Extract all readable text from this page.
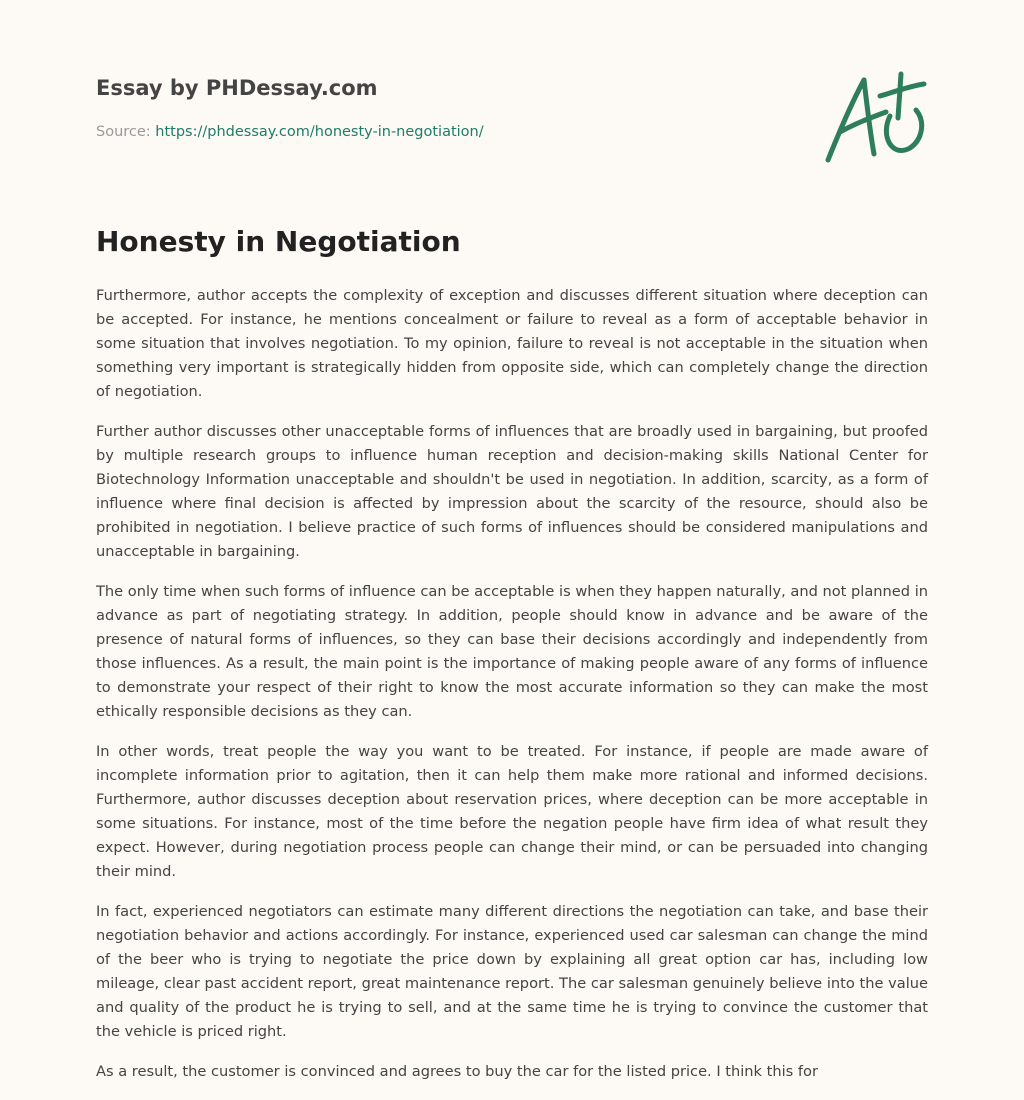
Essay by PHDessay.com
Source: https://phdessay.com/honesty-in-negotiation/
Honesty in Negotiation

Furthermore, author accepts the complexity of exception and discusses different situation where deception can be accepted. For instance, he mentions concealment or failure to reveal as a form of acceptable behavior in some situation that involves negotiation. To my opinion, failure to reveal is not acceptable in the situation when something very important is strategically hidden from opposite side, which can completely change the direction of negotiation.

Further author discusses other unacceptable forms of influences that are broadly used in bargaining, but proofed by multiple research groups to influence human reception and decision-making skills National Center for Biotechnology Information unacceptable and shouldn't be used in negotiation. In addition, scarcity, as a form of influence where final decision is affected by impression about the scarcity of the resource, should also be prohibited in negotiation. I believe practice of such forms of influences should be considered manipulations and unacceptable in bargaining.

The only time when such forms of influence can be acceptable is when they happen naturally, and not planned in advance as part of negotiating strategy. In addition, people should know in advance and be aware of the presence of natural forms of influences, so they can base their decisions accordingly and independently from those influences. As a result, the main point is the importance of making people aware of any forms of influence to demonstrate your respect of their right to know the most accurate information so they can make the most ethically responsible decisions as they can.

In other words, treat people the way you want to be treated. For instance, if people are made aware of incomplete information prior to agitation, then it can help them make more rational and informed decisions. Furthermore, author discusses deception about reservation prices, where deception can be more acceptable in some situations. For instance, most of the time before the negation people have firm idea of what result they expect. However, during negotiation process people can change their mind, or can be persuaded into changing their mind.

In fact, experienced negotiators can estimate many different directions the negotiation can take, and base their negotiation behavior and actions accordingly. For instance, experienced used car salesman can change the mind of the beer who is trying to negotiate the price down by explaining all great option car has, including low mileage, clear past accident report, great maintenance report. The car salesman genuinely believe into the value and quality of the product he is trying to sell, and at the same time he is trying to convince the customer that the vehicle is priced right.

As a result, the customer is convinced and agrees to buy the car for the listed price. I think this for
